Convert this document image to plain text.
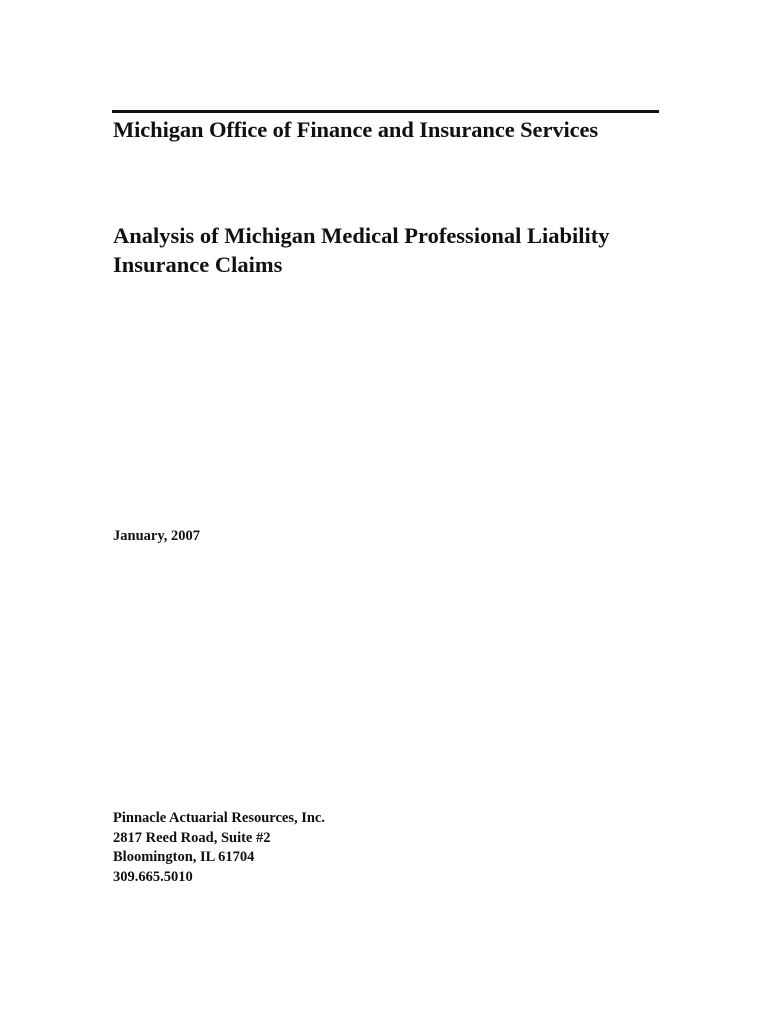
Michigan Office of Finance and Insurance Services
Analysis of Michigan Medical Professional Liability
Insurance Claims
January, 2007
Pinnacle Actuarial Resources, Inc.
2817 Reed Road, Suite #2
Bloomington, IL 61704
309.665.5010
